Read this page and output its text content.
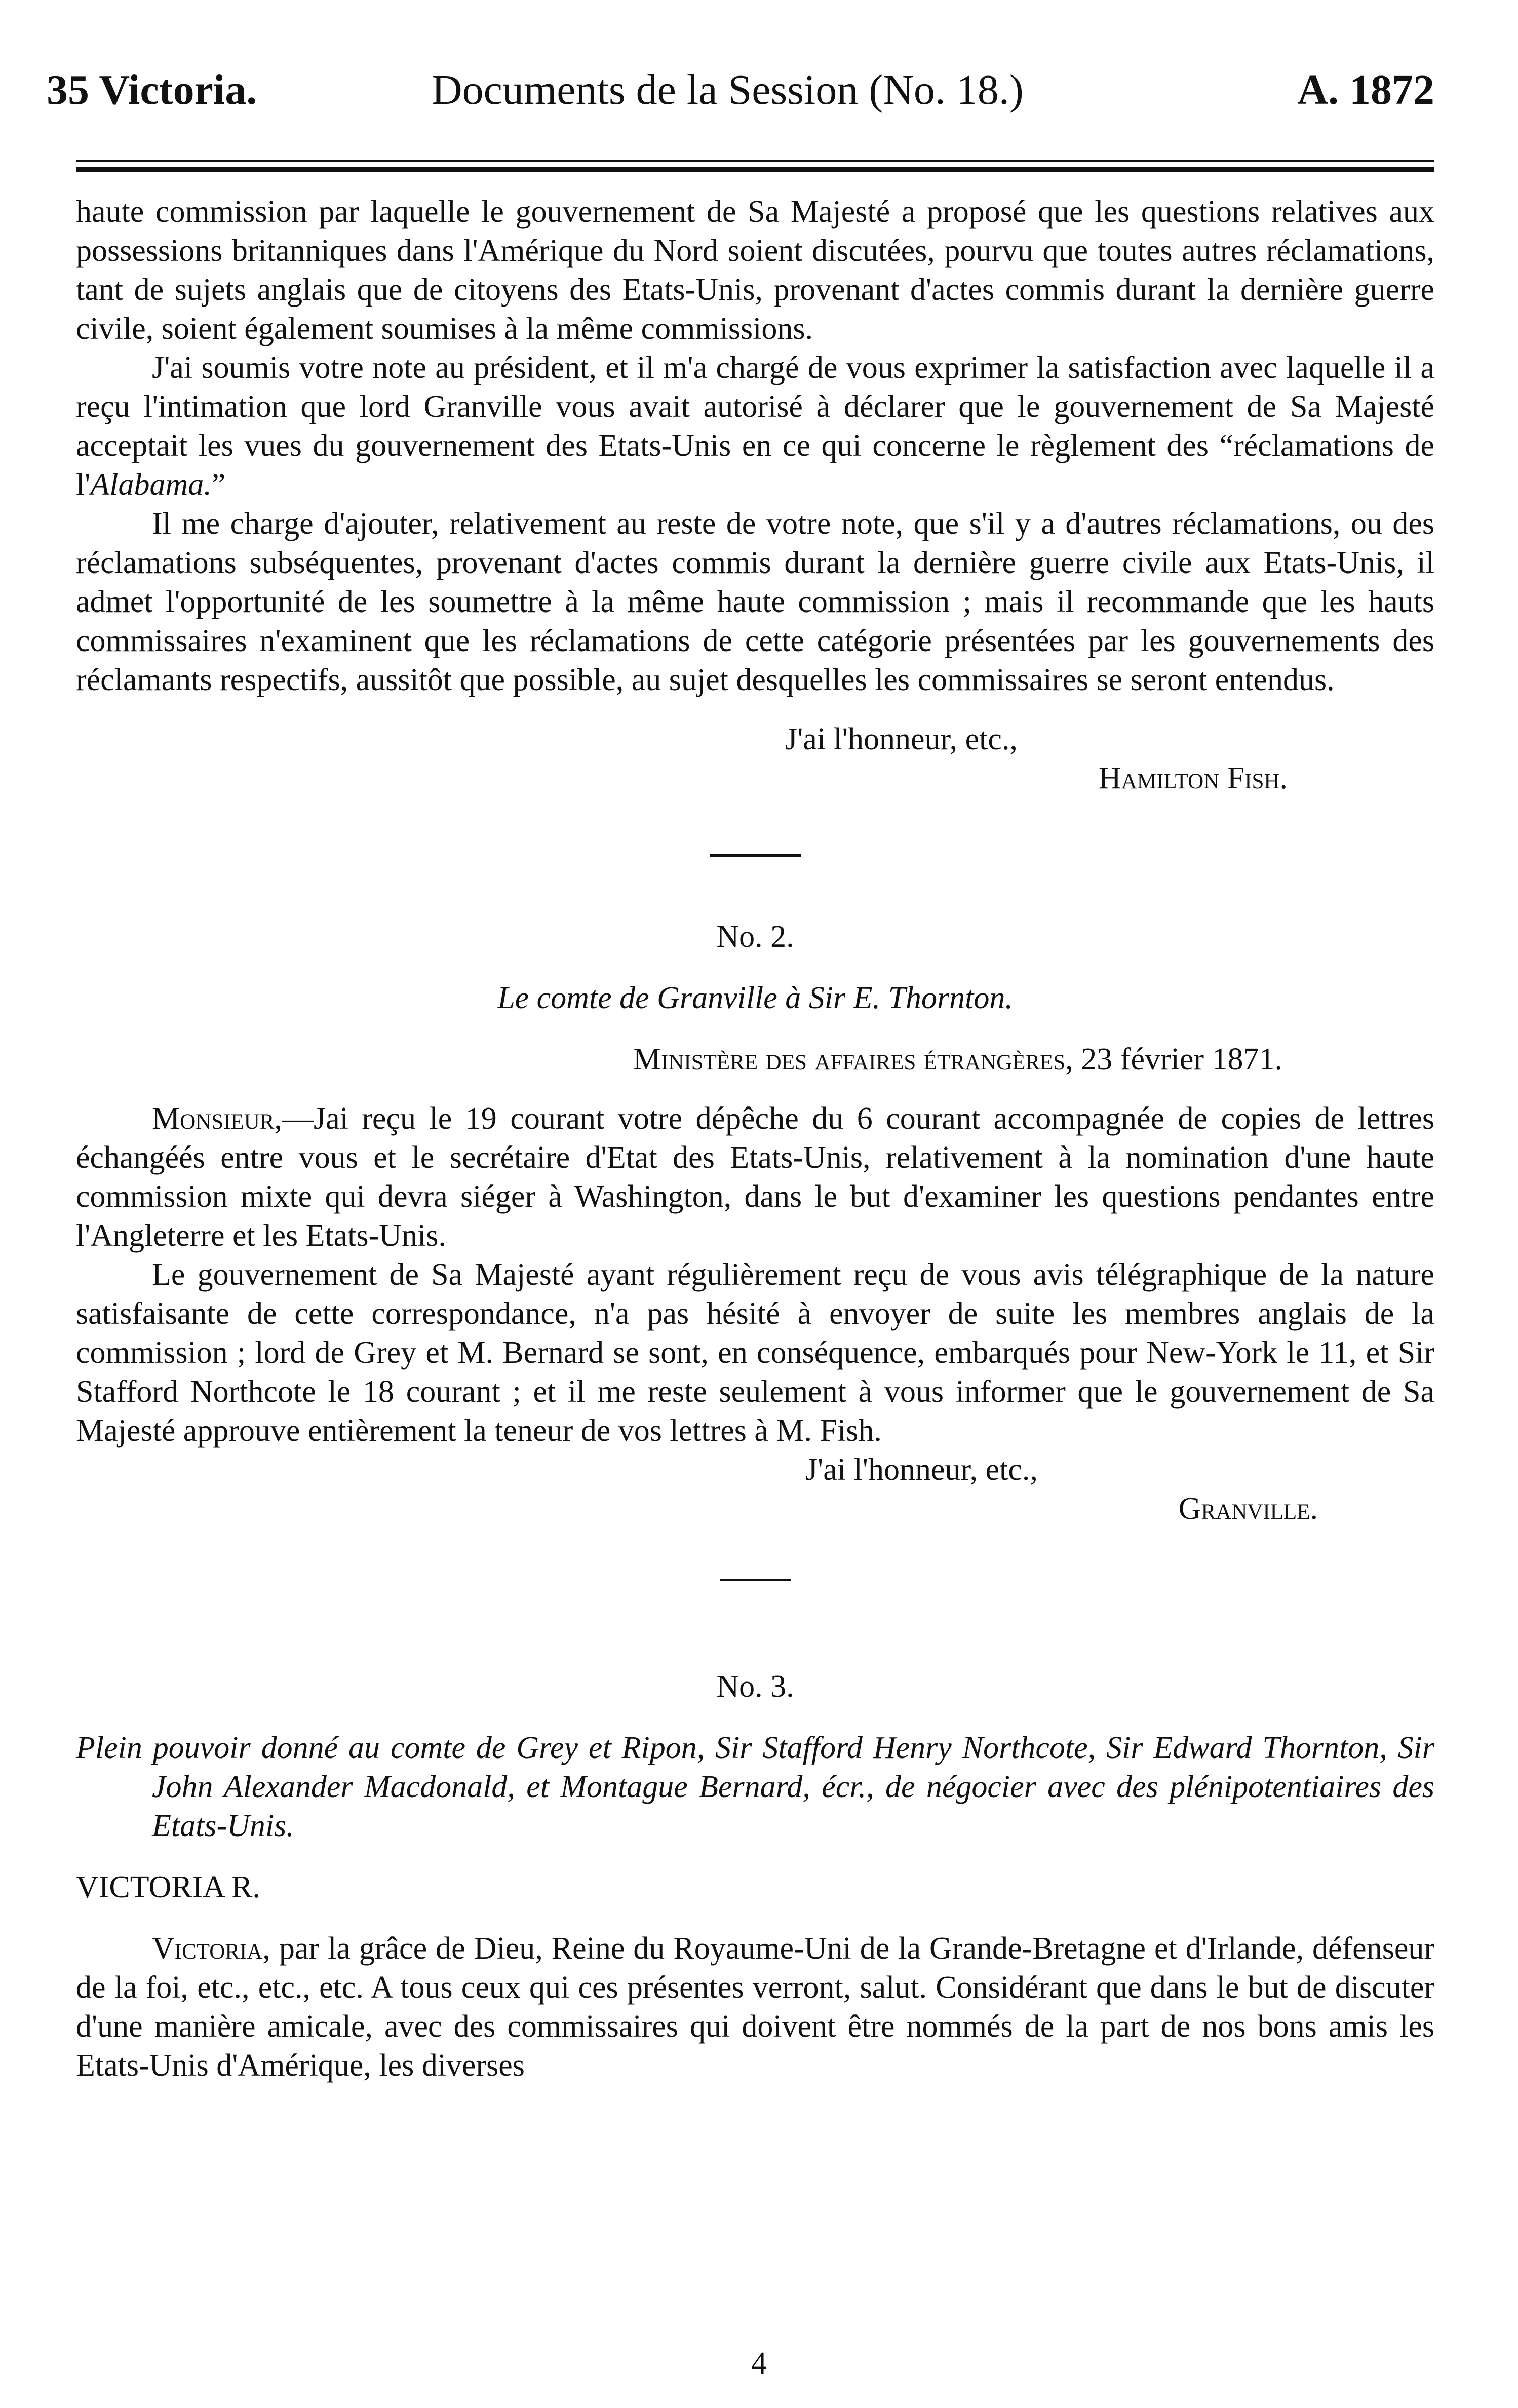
35 Victoria.	Documents de la Session (No. 18.)	A. 1872

haute commission par laquelle le gouvernement de Sa Majesté a proposé que les questions relatives aux possessions britanniques dans l'Amérique du Nord soient discutées, pourvu que toutes autres réclamations, tant de sujets anglais que de citoyens des Etats-Unis, provenant d'actes commis durant la dernière guerre civile, soient également soumises à la même commissions.

J'ai soumis votre note au président, et il m'a chargé de vous exprimer la satisfaction avec laquelle il a reçu l'intimation que lord Granville vous avait autorisé à déclarer que le gouvernement de Sa Majesté acceptait les vues du gouvernement des Etats-Unis en ce qui concerne le règlement des “réclamations de l'Alabama.”

Il me charge d'ajouter, relativement au reste de votre note, que s'il y a d'autres réclamations, ou des réclamations subséquentes, provenant d'actes commis durant la dernière guerre civile aux Etats-Unis, il admet l'opportunité de les soumettre à la même haute commission ; mais il recommande que les hauts commissaires n'examinent que les réclamations de cette catégorie présentées par les gouvernements des réclamants respectifs, aussitôt que possible, au sujet desquelles les commissaires se seront entendus.

J'ai l'honneur, etc.,

Hamilton Fish.

No. 2.

Le comte de Granville à Sir E. Thornton.

Ministère des affaires étrangères, 23 février 1871.

Monsieur,—Jai reçu le 19 courant votre dépêche du 6 courant accompagnée de copies de lettres échangéés entre vous et le secrétaire d'Etat des Etats-Unis, relativement à la nomination d'une haute commission mixte qui devra siéger à Washington, dans le but d'examiner les questions pendantes entre l'Angleterre et les Etats-Unis.

Le gouvernement de Sa Majesté ayant régulièrement reçu de vous avis télégraphique de la nature satisfaisante de cette correspondance, n'a pas hésité à envoyer de suite les membres anglais de la commission ; lord de Grey et M. Bernard se sont, en conséquence, embarqués pour New-York le 11, et Sir Stafford Northcote le 18 courant ; et il me reste seulement à vous informer que le gouvernement de Sa Majesté approuve entièrement la teneur de vos lettres à M. Fish.

J'ai l'honneur, etc.,

Granville.

No. 3.

Plein pouvoir donné au comte de Grey et Ripon, Sir Stafford Henry Northcote, Sir Edward Thornton, Sir John Alexander Macdonald, et Montague Bernard, écr., de négocier avec des plénipotentiaires des Etats-Unis.

VICTORIA R.

Victoria, par la grâce de Dieu, Reine du Royaume-Uni de la Grande-Bretagne et d'Irlande, défenseur de la foi, etc., etc., etc. A tous ceux qui ces présentes verront, salut. Considérant que dans le but de discuter d'une manière amicale, avec des commissaires qui doivent être nommés de la part de nos bons amis les Etats-Unis d'Amérique, les diverses

4
